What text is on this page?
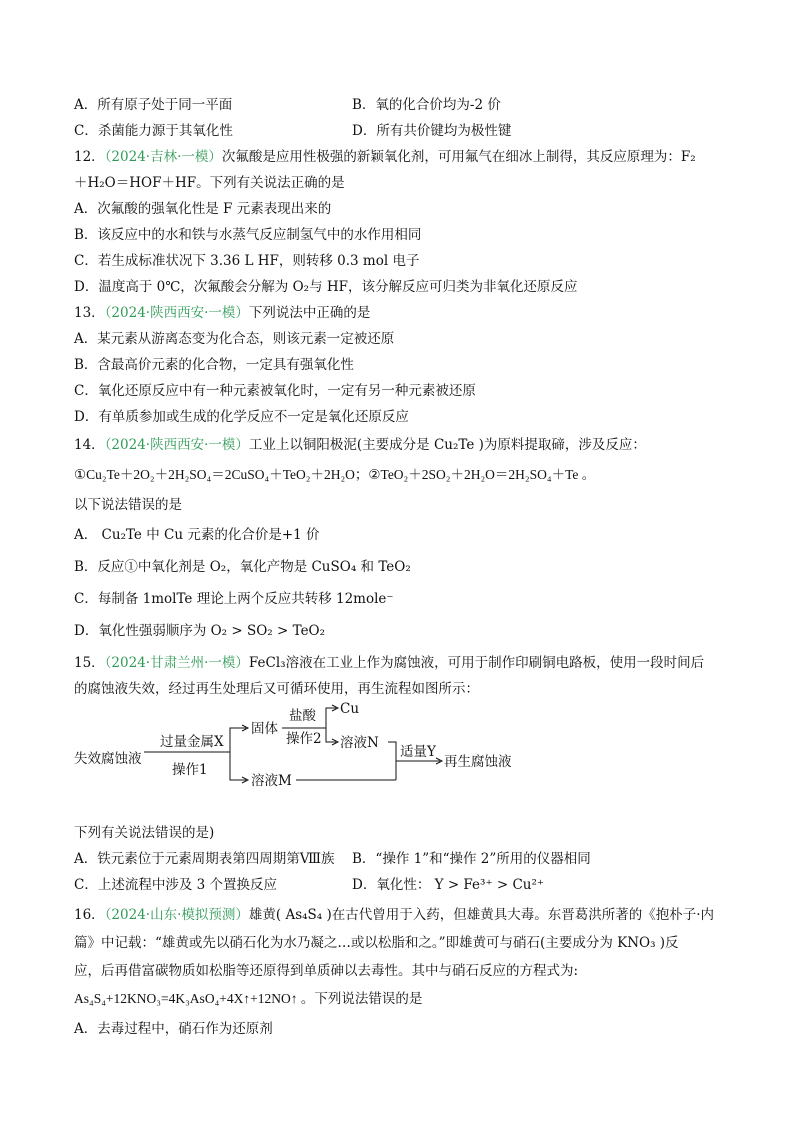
A．所有原子处于同一平面	B．氧的化合价均为-2 价
C．杀菌能力源于其氧化性	D．所有共价键均为极性键
12．（2024·吉林·一模）次氟酸是应用性极强的新颖氧化剂，可用氟气在细冰上制得，其反应原理为：F₂
＋H₂O＝HOF＋HF。下列有关说法正确的是
A．次氟酸的强氧化性是 F 元素表现出来的
B．该反应中的水和铁与水蒸气反应制氢气中的水作用相同
C．若生成标准状况下 3.36 L HF，则转移 0.3 mol 电子
D．温度高于 0℃，次氟酸会分解为 O₂与 HF，该分解反应可归类为非氧化还原反应
13．（2024·陕西西安·一模）下列说法中正确的是
A．某元素从游离态变为化合态，则该元素一定被还原
B．含最高价元素的化合物，一定具有强氧化性
C．氧化还原反应中有一种元素被氧化时，一定有另一种元素被还原
D．有单质参加或生成的化学反应不一定是氧化还原反应
14．（2024·陕西西安·一模）工业上以铜阳极泥(主要成分是 Cu₂Te )为原料提取碲，涉及反应：
①Cu₂Te＋2O₂＋2H₂SO₄＝2CuSO₄＋TeO₂＋2H₂O；②TeO₂＋2SO₂＋2H₂O＝2H₂SO₄＋Te 。
以下说法错误的是
A． Cu₂Te 中 Cu 元素的化合价是+1 价
B．反应①中氧化剂是 O₂，氧化产物是 CuSO₄ 和 TeO₂
C．每制备 1molTe 理论上两个反应共转移 12mole⁻
D．氧化性强弱顺序为 O₂ > SO₂ > TeO₂
15．（2024·甘肃兰州·一模）FeCl₃溶液在工业上作为腐蚀液，可用于制作印刷铜电路板，使用一段时间后
的腐蚀液失效，经过再生处理后又可循环使用，再生流程如图所示：
失效腐蚀液
过量金属X
操作1
固体
盐酸
操作2
Cu
溶液N
溶液M
适量Y
再生腐蚀液
下列有关说法错误的是)
A．铁元素位于元素周期表第四周期第Ⅷ族 B．“操作 1”和“操作 2”所用的仪器相同
C．上述流程中涉及 3 个置换反应	D．氧化性： Y > Fe³⁺ > Cu²⁺
16．（2024·山东·模拟预测）雄黄( As₄S₄ )在古代曾用于入药，但雄黄具大毒。东晋葛洪所著的《抱朴子·内
篇》中记载：“雄黄或先以硝石化为水乃凝之…或以松脂和之。”即雄黄可与硝石(主要成分为 KNO₃ )反
应，后再借富碳物质如松脂等还原得到单质砷以去毒性。其中与硝石反应的方程式为:
As₄S₄+12KNO₃=4K₃AsO₄+4X↑+12NO↑ 。下列说法错误的是
A．去毒过程中，硝石作为还原剂
